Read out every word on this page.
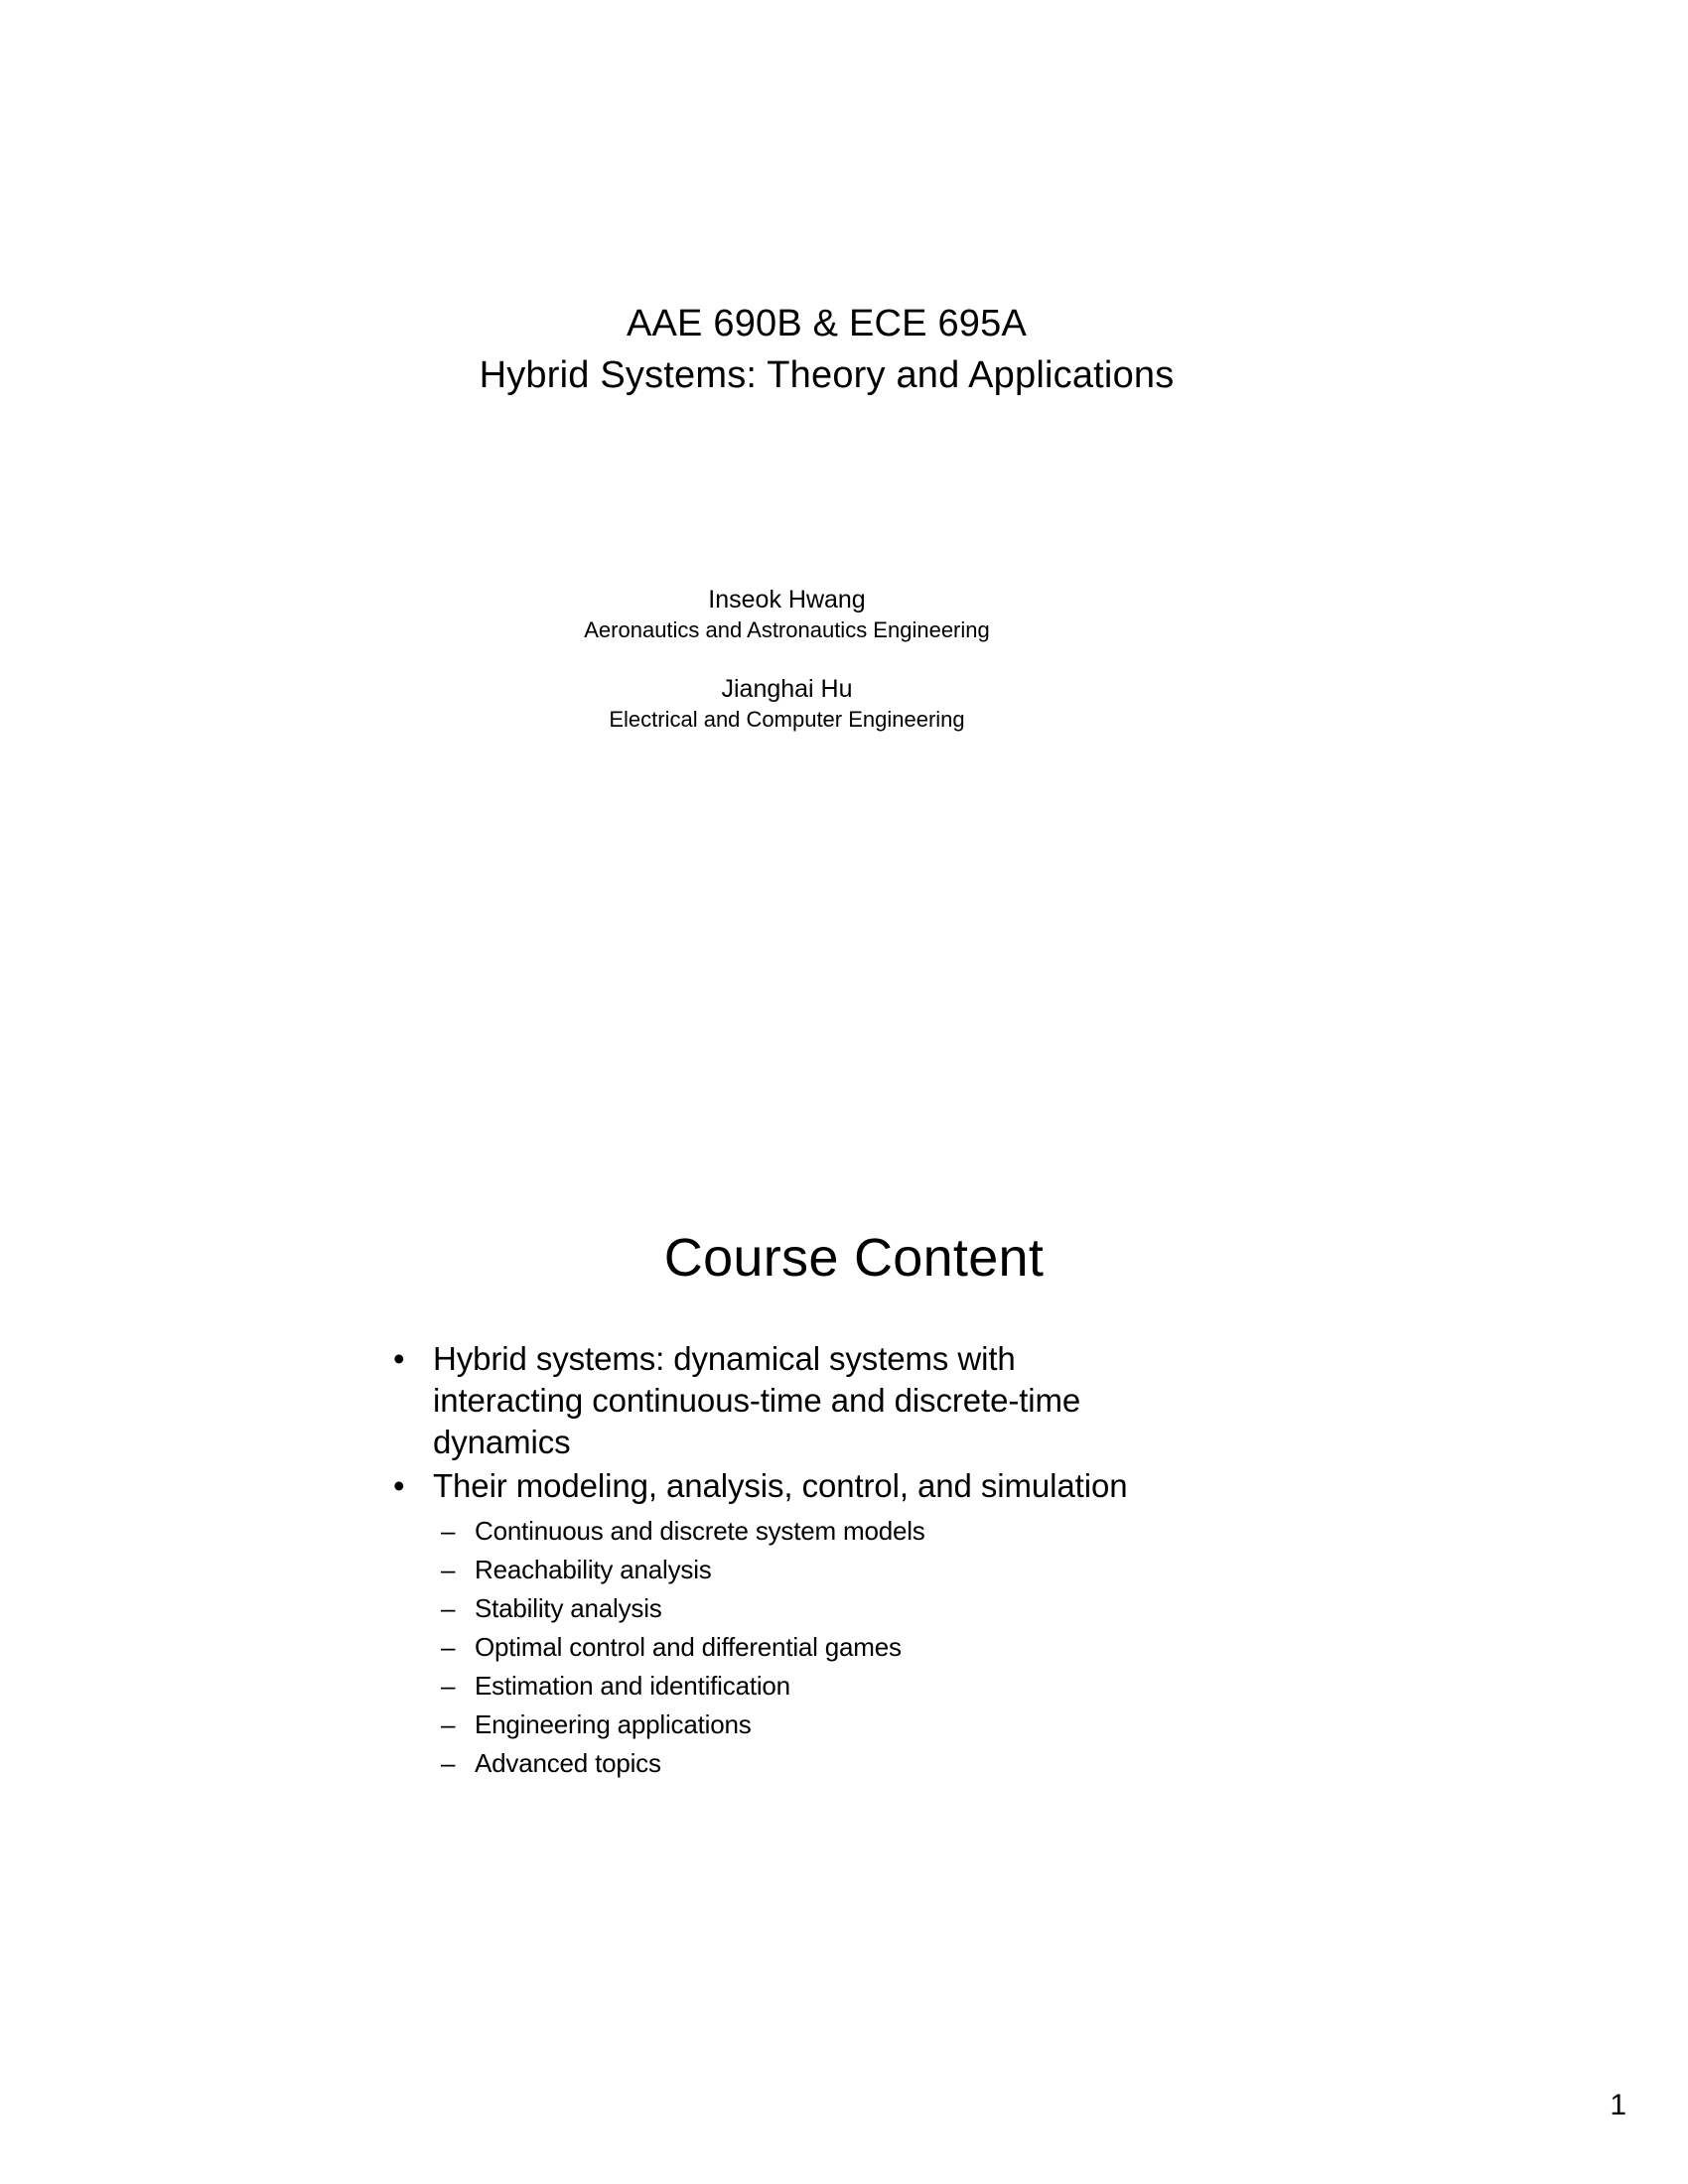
AAE 690B & ECE 695A
Hybrid Systems: Theory and Applications
Inseok Hwang
Aeronautics and Astronautics Engineering
Jianghai Hu
Electrical and Computer Engineering
Course Content
• Hybrid systems: dynamical systems with interacting continuous-time and discrete-time dynamics
• Their modeling, analysis, control, and simulation
– Continuous and discrete system models
– Reachability analysis
– Stability analysis
– Optimal control and differential games
– Estimation and identification
– Engineering applications
– Advanced topics
1
